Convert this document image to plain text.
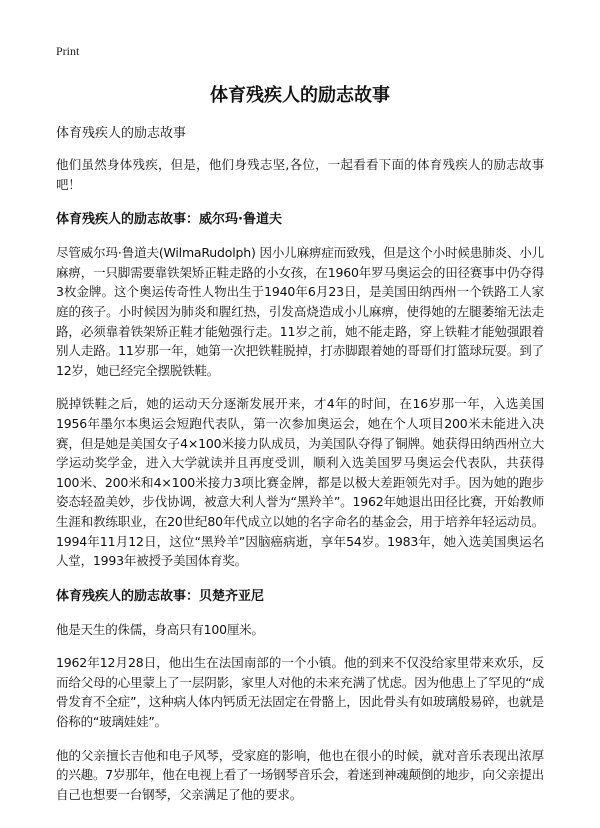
Print
体育残疾人的励志故事
体育残疾人的励志故事

他们虽然身体残疾，但是，他们身残志坚,各位，一起看看下面的体育残疾人的励志故事吧！

体育残疾人的励志故事：威尔玛·鲁道夫

尽管威尔玛·鲁道夫(WilmaRudolph) 因小儿麻痹症而致残，但是这个小时候患肺炎、小儿麻痹，一只脚需要靠铁架矫正鞋走路的小女孩，在1960年罗马奥运会的田径赛事中仍夺得3枚金牌。这个奥运传奇性人物出生于1940年6月23日，是美国田纳西州一个铁路工人家庭的孩子。小时候因为肺炎和腥红热，引发高烧造成小儿麻痹，使得她的左腿萎缩无法走路，必须靠着铁架矫正鞋才能勉强行走。11岁之前，她不能走路，穿上铁鞋才能勉强跟着别人走路。11岁那一年，她第一次把铁鞋脱掉，打赤脚跟着她的哥哥们打篮球玩耍。到了12岁，她已经完全摆脱铁鞋。

脱掉铁鞋之后，她的运动天分逐渐发展开来，才4年的时间，在16岁那一年，入选美国1956年墨尔本奥运会短跑代表队，第一次参加奥运会，她在个人项目200米未能进入决赛，但是她是美国女子4×100米接力队成员，为美国队夺得了铜牌。她获得田纳西州立大学运动奖学金，进入大学就读并且再度受训，顺利入选美国罗马奥运会代表队，共获得100米、200米和4×100米接力3项比赛金牌，都是以极大差距领先对手。因为她的跑步姿态轻盈美妙，步伐协调，被意大利人誉为“黑羚羊”。1962年她退出田径比赛，开始教师生涯和教练职业，在20世纪80年代成立以她的名字命名的基金会，用于培养年轻运动员。1994年11月12日，这位“黑羚羊”因脑癌病逝，享年54岁。1983年，她入选美国奥运名人堂，1993年被授予美国体育奖。

体育残疾人的励志故事：贝楚齐亚尼

他是天生的侏儒，身高只有100厘米。

1962年12月28日，他出生在法国南部的一个小镇。他的到来不仅没给家里带来欢乐，反而给父母的心里蒙上了一层阴影，家里人对他的未来充满了忧虑。因为他患上了罕见的“成骨发育不全症”，这种病人体内钙质无法固定在骨骼上，因此骨头有如玻璃般易碎，也就是俗称的“玻璃娃娃”。

他的父亲擅长吉他和电子风琴，受家庭的影响，他也在很小的时候，就对音乐表现出浓厚的兴趣。7岁那年，他在电视上看了一场钢琴音乐会，着迷到神魂颠倒的地步，向父亲提出自己也想要一台钢琴，父亲满足了他的要求。
